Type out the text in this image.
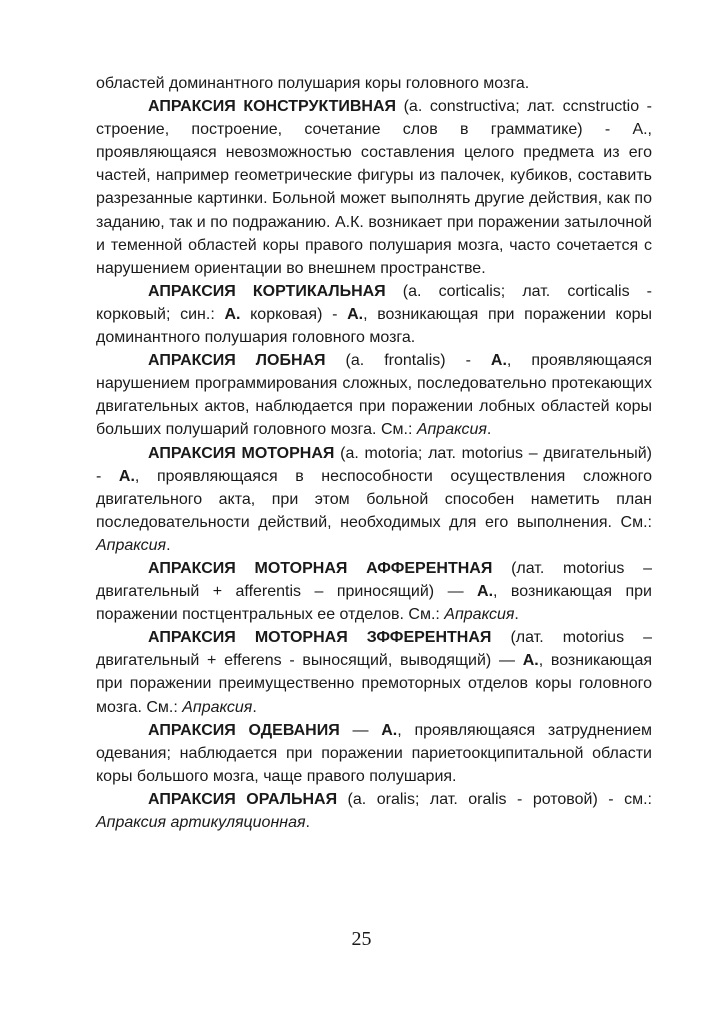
областей доминантного полушария коры головного мозга.

АПРАКСИЯ КОНСТРУКТИВНАЯ (а. constructiva; лат. ccnstructio - строение, построение, сочетание слов в грамматике) - А., проявляющаяся невозможностью составления целого предмета из его частей, например геометрические фигуры из палочек, кубиков, составить разрезанные картинки. Больной может выполнять другие действия, как по заданию, так и по подражанию. А.К. возникает при поражении затылочной и теменной областей коры правого полушария мозга, часто сочетается с нарушением ориентации во внешнем пространстве.

АПРАКСИЯ КОРТИКАЛЬНАЯ (а. corticalis; лат. corticalis - корковый; син.: А. корковая) - А., возникающая при поражении коры доминантного полушария головного мозга.

АПРАКСИЯ ЛОБНАЯ (а. frontalis) - А., проявляющаяся нарушением программирования сложных, последовательно протекающих двигательных актов, наблюдается при поражении лобных областей коры больших полушарий головного мозга. См.: Апраксия.

АПРАКСИЯ МОТОРНАЯ (а. motoria; лат. motorius – двигательный) - А., проявляющаяся в неспособности осуществления сложного двигательного акта, при этом больной способен наметить план последовательности действий, необходимых для его выполнения. См.: Апраксия.

АПРАКСИЯ МОТОРНАЯ АФФЕРЕНТНАЯ (лат. motorius – двигательный + afferentis – приносящий) — А., возникающая при поражении постцентральных ее отделов. См.: Апраксия.

АПРАКСИЯ МОТОРНАЯ ЗФФЕРЕНТНАЯ (лат. motorius – двигательный + efferens - выносящий, выводящий) — А., возникающая при поражении преимущественно премоторных отделов коры головного мозга. См.: Апраксия.

АПРАКСИЯ ОДЕВАНИЯ — А., проявляющаяся затруднением одевания; наблюдается при поражении париетоокципитальной области коры большого мозга, чаще правого полушария.

АПРАКСИЯ ОРАЛЬНАЯ (а. oralis; лат. oralis - ротовой) - см.: Апраксия артикуляционная.

25
